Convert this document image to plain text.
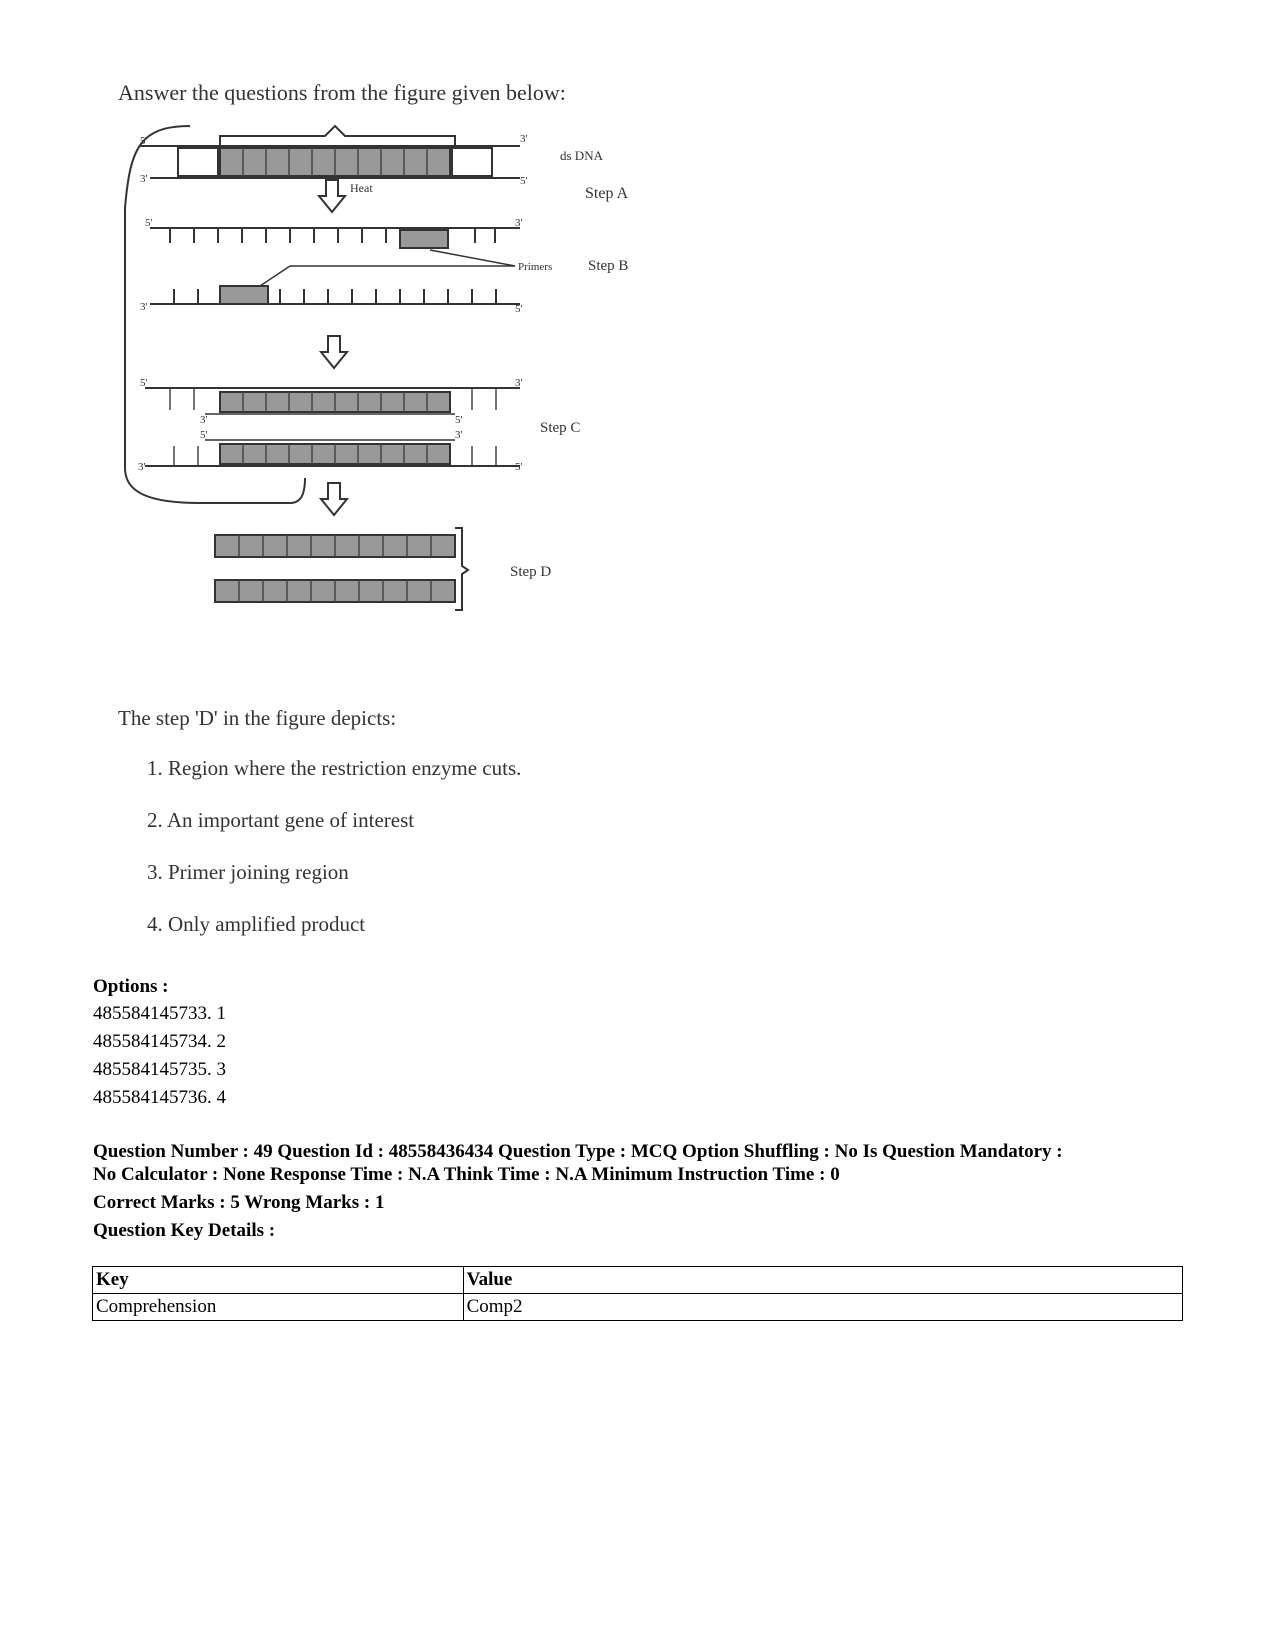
Answer the questions from the figure given below:
5'
3'
3'
5'
ds DNA
Heat	Step A
5'	3'
Primers Step B
3'	5'
5'	3'
3'	5'
5'	3'
3'	5'
Step C
Step D
The step 'D' in the figure depicts:
1. Region where the restriction enzyme cuts.
2. An important gene of interest
3. Primer joining region
4. Only amplified product
Options :
485584145733. 1
485584145734. 2
485584145735. 3
485584145736. 4
Question Number : 49 Question Id : 48558436434 Question Type : MCQ Option Shuffling : No Is Question Mandatory :
No Calculator : None Response Time : N.A Think Time : N.A Minimum Instruction Time : 0
Correct Marks : 5 Wrong Marks : 1
Question Key Details :
Key	Value
Comprehension	Comp2
